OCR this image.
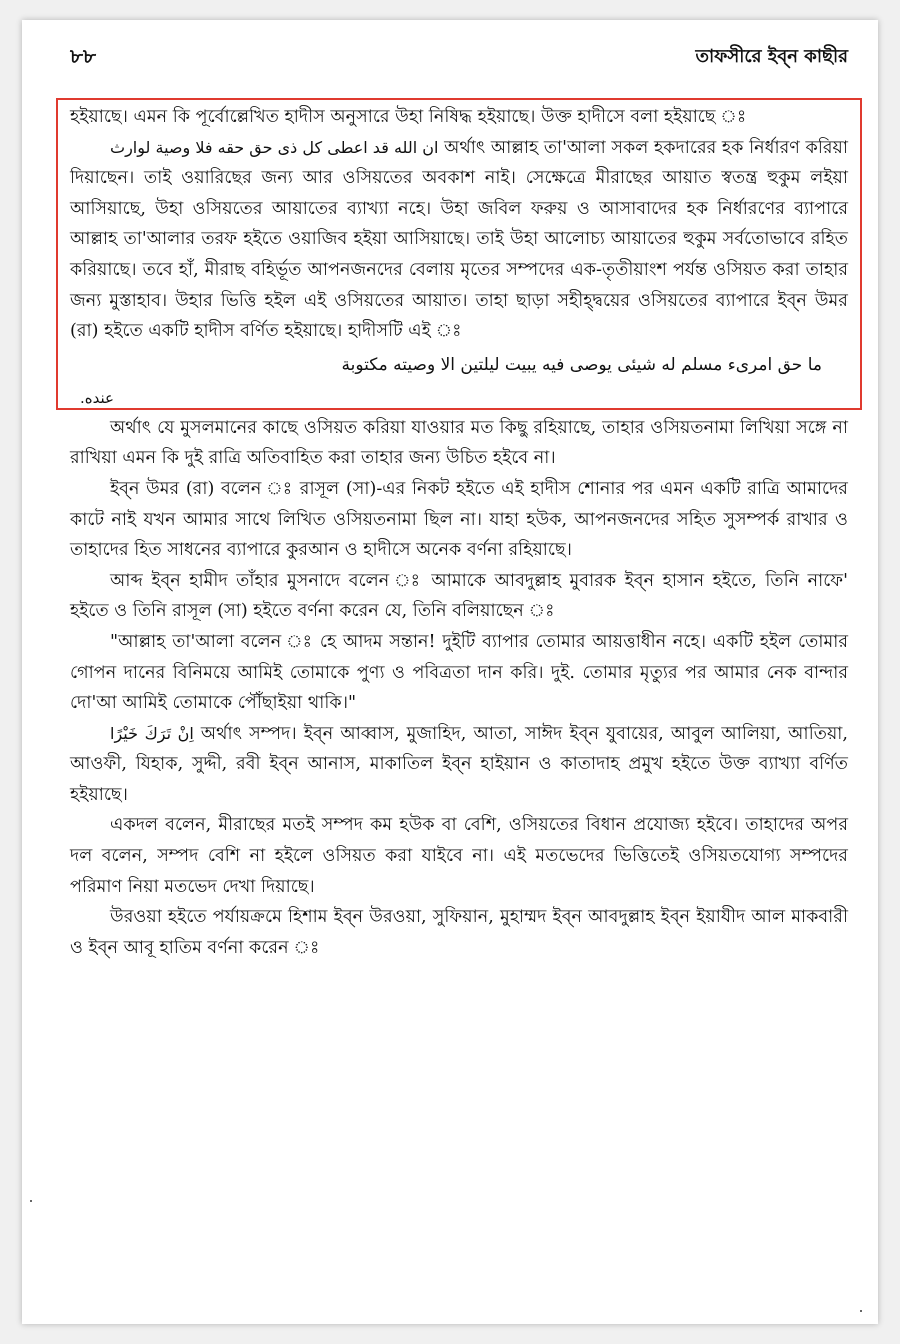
৮৮	তাফসীরে ইব্‌ন কাছীর

হইয়াছে। এমন কি পূর্বোল্লেখিত হাদীস অনুসারে উহা নিষিদ্ধ হইয়াছে। উক্ত হাদীসে বলা হইয়াছে ঃ

ان الله قد اعطى كل ذى حق حقه فلا وصية لوارث অর্থাৎ আল্লাহ তা'আলা সকল হকদারের হক নির্ধারণ করিয়া দিয়াছেন। তাই ওয়ারিছের জন্য আর ওসিয়তের অবকাশ নাই। সেক্ষেত্রে মীরাছের আয়াত স্বতন্ত্র হুকুম লইয়া আসিয়াছে, উহা ওসিয়তের আয়াতের ব্যাখ্যা নহে। উহা জবিল ফরুয় ও আসাবাদের হক নির্ধারণের ব্যাপারে আল্লাহ তা'আলার তরফ হইতে ওয়াজিব হইয়া আসিয়াছে। তাই উহা আলোচ্য আয়াতের হুকুম সর্বতোভাবে রহিত করিয়াছে। তবে হাঁ, মীরাছ বহির্ভূত আপনজনদের বেলায় মৃতের সম্পদের এক-তৃতীয়াংশ পর্যন্ত ওসিয়ত করা তাহার জন্য মুস্তাহাব। উহার ভিত্তি হইল এই ওসিয়তের আয়াত। তাহা ছাড়া সহীহ্দ্বয়ের ওসিয়তের ব্যাপারে ইব্‌ন উমর (রা) হইতে একটি হাদীস বর্ণিত হইয়াছে। হাদীসটি এই ঃ

ما حق امرىء مسلم له شيئى يوصى فيه يبيت ليلتين الا وصيته مكتوبة

عنده.

অর্থাৎ যে মুসলমানের কাছে ওসিয়ত করিয়া যাওয়ার মত কিছু রহিয়াছে, তাহার ওসিয়তনামা লিখিয়া সঙ্গে না রাখিয়া এমন কি দুই রাত্রি অতিবাহিত করা তাহার জন্য উচিত হইবে না।

ইব্‌ন উমর (রা) বলেন ঃ রাসূল (সা)-এর নিকট হইতে এই হাদীস শোনার পর এমন একটি রাত্রি আমাদের কাটে নাই যখন আমার সাথে লিখিত ওসিয়তনামা ছিল না। যাহা হউক, আপনজনদের সহিত সুসম্পর্ক রাখার ও তাহাদের হিত সাধনের ব্যাপারে কুরআন ও হাদীসে অনেক বর্ণনা রহিয়াছে।

আব্দ ইব্‌ন হামীদ তাঁহার মুসনাদে বলেন ঃ আমাকে আবদুল্লাহ মুবারক ইব্‌ন হাসান হইতে, তিনি নাফে' হইতে ও তিনি রাসূল (সা) হইতে বর্ণনা করেন যে, তিনি বলিয়াছেন ঃ

"আল্লাহ তা'আলা বলেন ঃ হে আদম সন্তান! দুইটি ব্যাপার তোমার আয়ত্তাধীন নহে। একটি হইল তোমার গোপন দানের বিনিময়ে আমিই তোমাকে পুণ্য ও পবিত্রতা দান করি। দুই. তোমার মৃত্যুর পর আমার নেক বান্দার দো'আ আমিই তোমাকে পৌঁছাইয়া থাকি।"

اِنْ تَرَكَ خَيْرًا অর্থাৎ সম্পদ। ইব্‌ন আব্বাস, মুজাহিদ, আতা, সাঈদ ইব্‌ন যুবায়ের, আবুল আলিয়া, আতিয়া, আওফী, যিহাক, সুদ্দী, রবী ইব্‌ন আনাস, মাকাতিল ইব্‌ন হাইয়ান ও কাতাদাহ প্রমুখ হইতে উক্ত ব্যাখ্যা বর্ণিত হইয়াছে।

একদল বলেন, মীরাছের মতই সম্পদ কম হউক বা বেশি, ওসিয়তের বিধান প্রযোজ্য হইবে। তাহাদের অপর দল বলেন, সম্পদ বেশি না হইলে ওসিয়ত করা যাইবে না। এই মতভেদের ভিত্তিতেই ওসিয়তযোগ্য সম্পদের পরিমাণ নিয়া মতভেদ দেখা দিয়াছে।

উরওয়া হইতে পর্যায়ক্রমে হিশাম ইব্‌ন উরওয়া, সুফিয়ান, মুহাম্মদ ইব্‌ন আবদুল্লাহ ইব্‌ন ইয়াযীদ আল মাকবারী ও ইব্‌ন আবূ হাতিম বর্ণনা করেন ঃ
